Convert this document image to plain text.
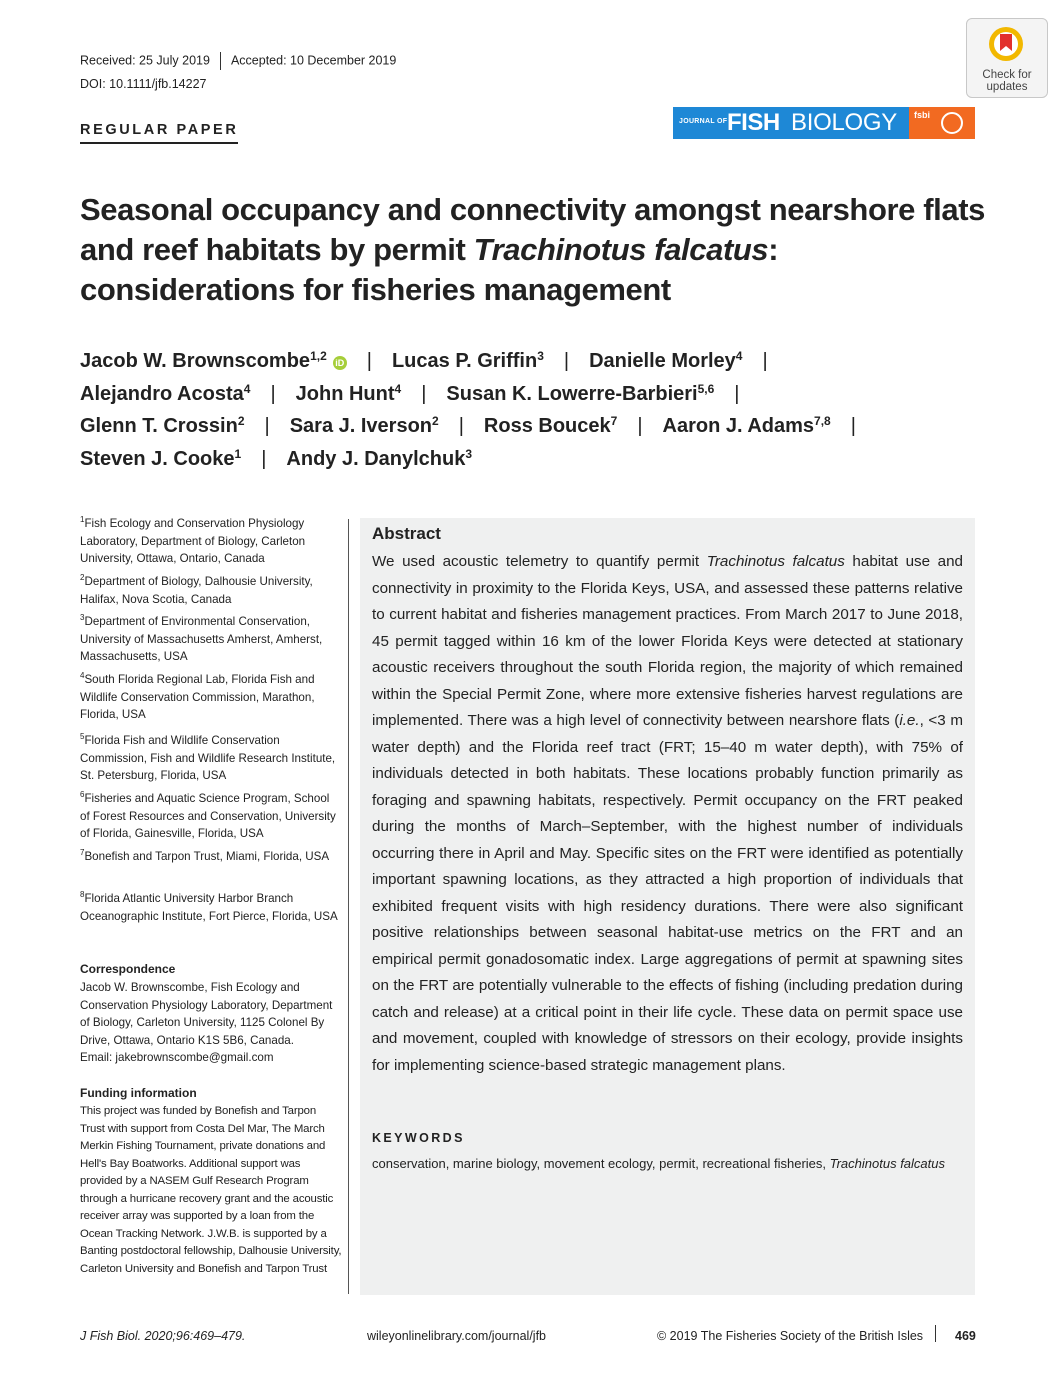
Received: 25 July 2019 Accepted: 10 December 2019
DOI: 10.1111/jfb.14227
REGULAR PAPER
JOURNAL OF FISH BIOLOGY fsbi
Check for
updates
Seasonal occupancy and connectivity amongst nearshore flats and reef habitats by permit Trachinotus falcatus: considerations for fisheries management
Jacob W. Brownscombe$^{1,2}$ iD | Lucas P. Griffin$^3$ | Danielle Morley$^4$ |
Alejandro Acosta$^4$ | John Hunt$^4$ | Susan K. Lowerre-Barbieri$^{5,6}$ |
Glenn T. Crossin$^2$ | Sara J. Iverson$^2$ | Ross Boucek$^7$ | Aaron J. Adams$^{7,8}$ |
Steven J. Cooke$^1$ | Andy J. Danylchuk$^3$
$^1$Fish Ecology and Conservation Physiology Laboratory, Department of Biology, Carleton University, Ottawa, Ontario, Canada
$^2$Department of Biology, Dalhousie University, Halifax, Nova Scotia, Canada
$^3$Department of Environmental Conservation, University of Massachusetts Amherst, Amherst, Massachusetts, USA
$^4$South Florida Regional Lab, Florida Fish and Wildlife Conservation Commission, Marathon, Florida, USA
$^5$Florida Fish and Wildlife Conservation Commission, Fish and Wildlife Research Institute, St. Petersburg, Florida, USA
$^6$Fisheries and Aquatic Science Program, School of Forest Resources and Conservation, University of Florida, Gainesville, Florida, USA
$^7$Bonefish and Tarpon Trust, Miami, Florida, USA
$^8$Florida Atlantic University Harbor Branch Oceanographic Institute, Fort Pierce, Florida, USA
Correspondence
Jacob W. Brownscombe, Fish Ecology and Conservation Physiology Laboratory, Department of Biology, Carleton University, 1125 Colonel By Drive, Ottawa, Ontario K1S 5B6, Canada.
Email: jakebrownscombe@gmail.com
Funding information
This project was funded by Bonefish and Tarpon Trust with support from Costa Del Mar, The March Merkin Fishing Tournament, private donations and Hell's Bay Boatworks. Additional support was provided by a NASEM Gulf Research Program through a hurricane recovery grant and the acoustic receiver array was supported by a loan from the Ocean Tracking Network. J.W.B. is supported by a Banting postdoctoral fellowship, Dalhousie University, Carleton University and Bonefish and Tarpon Trust
Abstract
We used acoustic telemetry to quantify permit Trachinotus falcatus habitat use and connectivity in proximity to the Florida Keys, USA, and assessed these patterns relative to current habitat and fisheries management practices. From March 2017 to June 2018, 45 permit tagged within 16 km of the lower Florida Keys were detected at stationary acoustic receivers throughout the south Florida region, the majority of which remained within the Special Permit Zone, where more extensive fisheries harvest regulations are implemented. There was a high level of connectivity between nearshore flats (i.e., <3 m water depth) and the Florida reef tract (FRT; 15–40 m water depth), with 75% of individuals detected in both habitats. These locations probably function primarily as foraging and spawning habitats, respectively. Permit occupancy on the FRT peaked during the months of March–September, with the highest number of individuals occurring there in April and May. Specific sites on the FRT were identified as potentially important spawning locations, as they attracted a high proportion of individuals that exhibited frequent visits with high residency durations. There were also significant positive relationships between seasonal habitat-use metrics on the FRT and an empirical permit gonadosomatic index. Large aggregations of permit at spawning sites on the FRT are potentially vulnerable to the effects of fishing (including predation during catch and release) at a critical point in their life cycle. These data on permit space use and movement, coupled with knowledge of stressors on their ecology, provide insights for implementing science-based strategic management plans.
KEYWORDS
conservation, marine biology, movement ecology, permit, recreational fisheries, Trachinotus falcatus
J Fish Biol. 2020;96:469–479.	wileyonlinelibrary.com/journal/jfb	© 2019 The Fisheries Society of the British Isles	469
